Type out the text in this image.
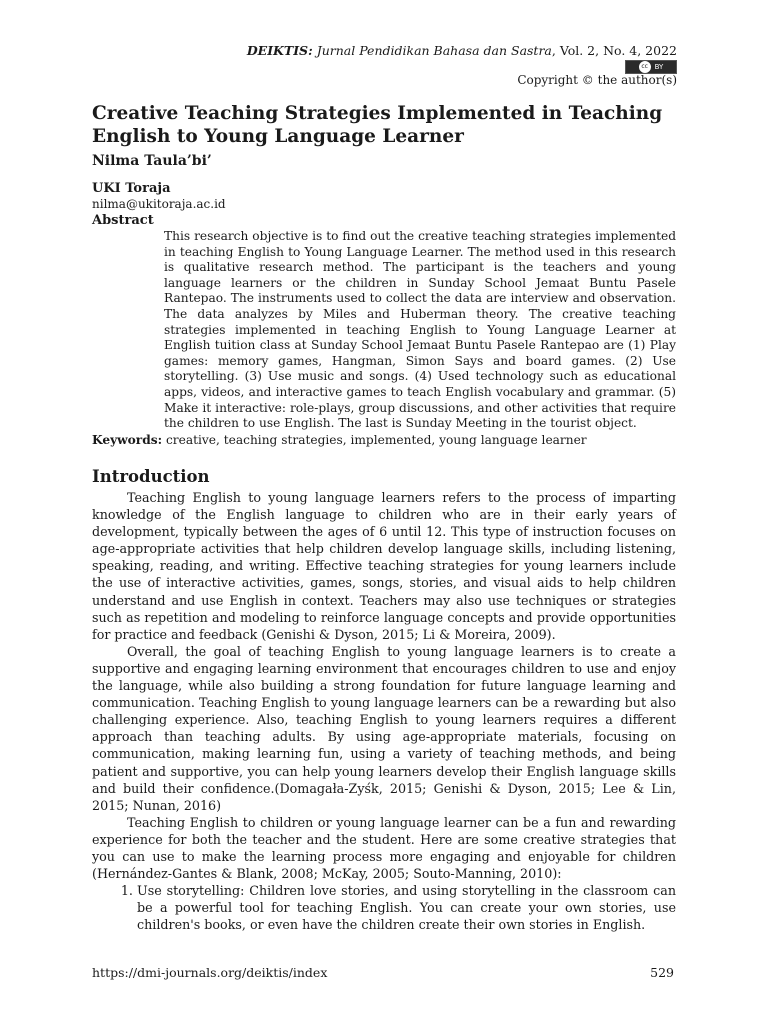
DEIKTIS: Jurnal Pendidikan Bahasa dan Sastra, Vol. 2, No. 4, 2022
cc BY
Copyright © the author(s)
Creative Teaching Strategies Implemented in Teaching English to Young Language Learner
Nilma Taula’bi’
UKI Toraja
nilma@ukitoraja.ac.id
Abstract
This research objective is to find out the creative teaching strategies implemented in teaching English to Young Language Learner. The method used in this research is qualitative research method. The participant is the teachers and young language learners or the children in Sunday School Jemaat Buntu Pasele Rantepao. The instruments used to collect the data are interview and observation. The data analyzes by Miles and Huberman theory. The creative teaching strategies implemented in teaching English to Young Language Learner at English tuition class at Sunday School Jemaat Buntu Pasele Rantepao are (1) Play games: memory games, Hangman, Simon Says and board games. (2) Use storytelling. (3) Use music and songs. (4) Used technology such as educational apps, videos, and interactive games to teach English vocabulary and grammar. (5) Make it interactive: role-plays, group discussions, and other activities that require the children to use English. The last is Sunday Meeting in the tourist object.
Keywords: creative, teaching strategies, implemented, young language learner
Introduction

Teaching English to young language learners refers to the process of imparting knowledge of the English language to children who are in their early years of development, typically between the ages of 6 until 12. This type of instruction focuses on age-appropriate activities that help children develop language skills, including listening, speaking, reading, and writing. Effective teaching strategies for young learners include the use of interactive activities, games, songs, stories, and visual aids to help children understand and use English in context. Teachers may also use techniques or strategies such as repetition and modeling to reinforce language concepts and provide opportunities for practice and feedback (Genishi & Dyson, 2015; Li & Moreira, 2009).

Overall, the goal of teaching English to young language learners is to create a supportive and engaging learning environment that encourages children to use and enjoy the language, while also building a strong foundation for future language learning and communication. Teaching English to young language learners can be a rewarding but also challenging experience. Also, teaching English to young learners requires a different approach than teaching adults. By using age-appropriate materials, focusing on communication, making learning fun, using a variety of teaching methods, and being patient and supportive, you can help young learners develop their English language skills and build their confidence.(Domagała-Zyśk, 2015; Genishi & Dyson, 2015; Lee & Lin, 2015; Nunan, 2016)

Teaching English to children or young language learner can be a fun and rewarding experience for both the teacher and the student. Here are some creative strategies that you can use to make the learning process more engaging and enjoyable for children (Hernández-Gantes & Blank, 2008; McKay, 2005; Souto-Manning, 2010):

1. Use storytelling: Children love stories, and using storytelling in the classroom can be a powerful tool for teaching English. You can create your own stories, use children's books, or even have the children create their own stories in English.
https://dmi-journals.org/deiktis/index	529
